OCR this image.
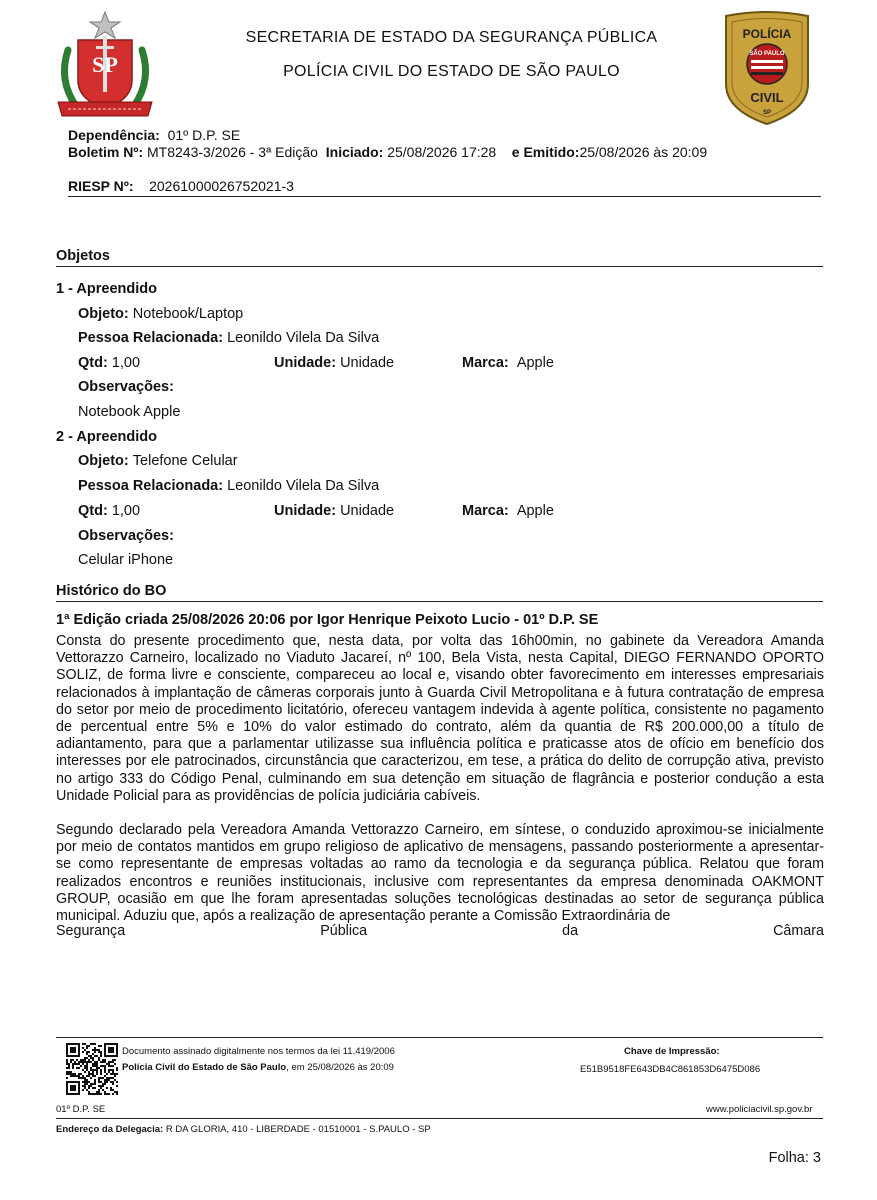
SP
SECRETARIA DE ESTADO DA SEGURANÇA PÚBLICA
POLÍCIA CIVIL DO ESTADO DE SÃO PAULO
POLÍCIA
SÃO PAULO
CIVIL
SP
Dependência: 01º D.P. SE
Boletim Nº: MT8243-3/2026 - 3ª Edição Iniciado: 25/08/2026 17:28 e Emitido:25/08/2026 às 20:09
RIESP Nº: 20261000026752021-3
Objetos
1 - Apreendido
Objeto: Notebook/Laptop
Pessoa Relacionada: Leonildo Vilela Da Silva
Qtd: 1,00	Unidade: Unidade	Marca: Apple
Observações:
Notebook Apple
2 - Apreendido
Objeto: Telefone Celular
Pessoa Relacionada: Leonildo Vilela Da Silva
Qtd: 1,00	Unidade: Unidade	Marca: Apple
Observações:
Celular iPhone
Histórico do BO
1ª Edição criada 25/08/2026 20:06 por Igor Henrique Peixoto Lucio - 01º D.P. SE
Consta do presente procedimento que, nesta data, por volta das 16h00min, no gabinete da Vereadora Amanda Vettorazzo Carneiro, localizado no Viaduto Jacareí, nº 100, Bela Vista, nesta Capital, DIEGO FERNANDO OPORTO SOLIZ, de forma livre e consciente, compareceu ao local e, visando obter favorecimento em interesses empresariais relacionados à implantação de câmeras corporais junto à Guarda Civil Metropolitana e à futura contratação de empresa do setor por meio de procedimento licitatório, ofereceu vantagem indevida à agente política, consistente no pagamento de percentual entre 5% e 10% do valor estimado do contrato, além da quantia de R$ 200.000,00 a título de adiantamento, para que a parlamentar utilizasse sua influência política e praticasse atos de ofício em benefício dos interesses por ele patrocinados, circunstância que caracterizou, em tese, a prática do delito de corrupção ativa, previsto no artigo 333 do Código Penal, culminando em sua detenção em situação de flagrância e posterior condução a esta Unidade Policial para as providências de polícia judiciária cabíveis.
Segundo declarado pela Vereadora Amanda Vettorazzo Carneiro, em síntese, o conduzido aproximou-se inicialmente por meio de contatos mantidos em grupo religioso de aplicativo de mensagens, passando posteriormente a apresentar-se como representante de empresas voltadas ao ramo da tecnologia e da segurança pública. Relatou que foram realizados encontros e reuniões institucionais, inclusive com representantes da empresa denominada OAKMONT GROUP, ocasião em que lhe foram apresentadas soluções tecnológicas destinadas ao setor de segurança pública municipal. Aduziu que, após a realização de apresentação perante a Comissão Extraordinária de
Segurança	Pública	da	Câmara
Documento assinado digitalmente nos termos da lei 11.419/2006
Polícia Civil do Estado de São Paulo, em 25/08/2026 às 20:09
Chave de Impressão:
E51B9518FE643DB4C861853D6475D086
01º D.P. SE	www.policiacivil.sp.gov.br
Endereço da Delegacia: R DA GLORIA, 410 - LIBERDADE - 01510001 - S.PAULO - SP
Folha: 3
